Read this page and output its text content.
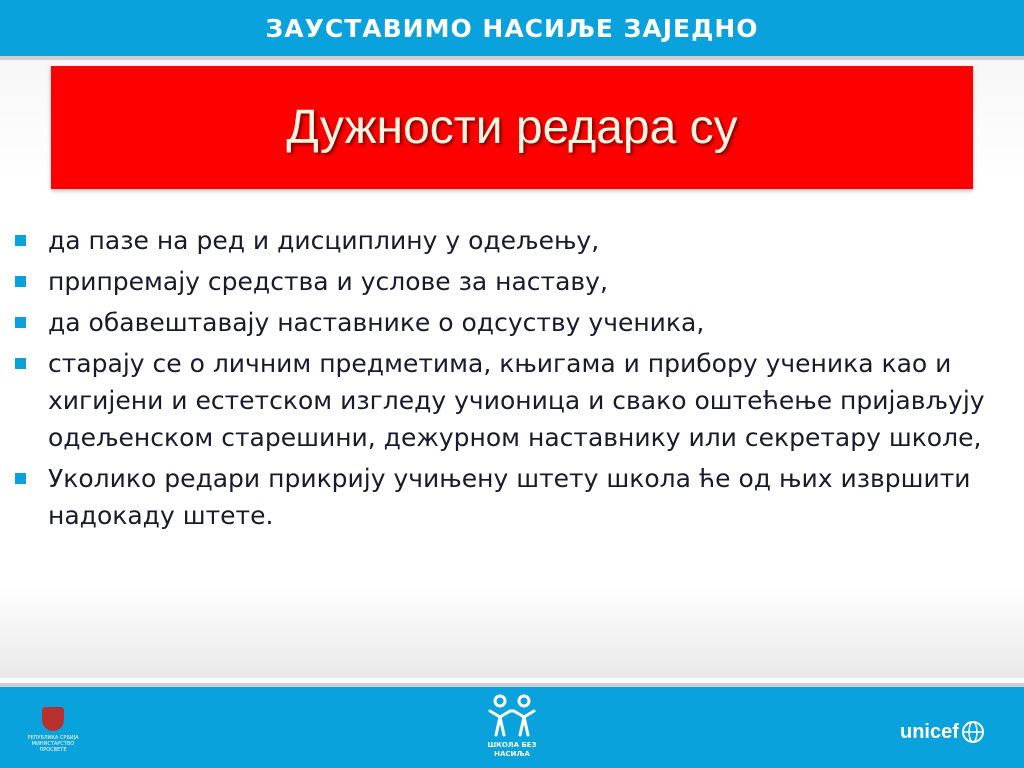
ЗАУСТАВИМО НАСИЉЕ ЗАЈЕДНО
Дужности редара су
да пазе на ред и дисциплину у одељењу,
припремају средства и услове за наставу,
да обавештавају наставнике о одсуству ученика,
старају се о личним предметима, књигама и прибору ученика као и хигијени и естетском изгледу учионица и свако оштећење пријављују одељенском старешини, дежурном наставнику или секретару школе,
Уколико редари прикрију учињену штету школа ће од њих извршити надокаду штете.
РЕПУБЛИКА СРБИЈА МИНИСТАРСТВО ПРОСВЕТЕ
ШКОЛА БЕЗ НАСИЉА
unicef
